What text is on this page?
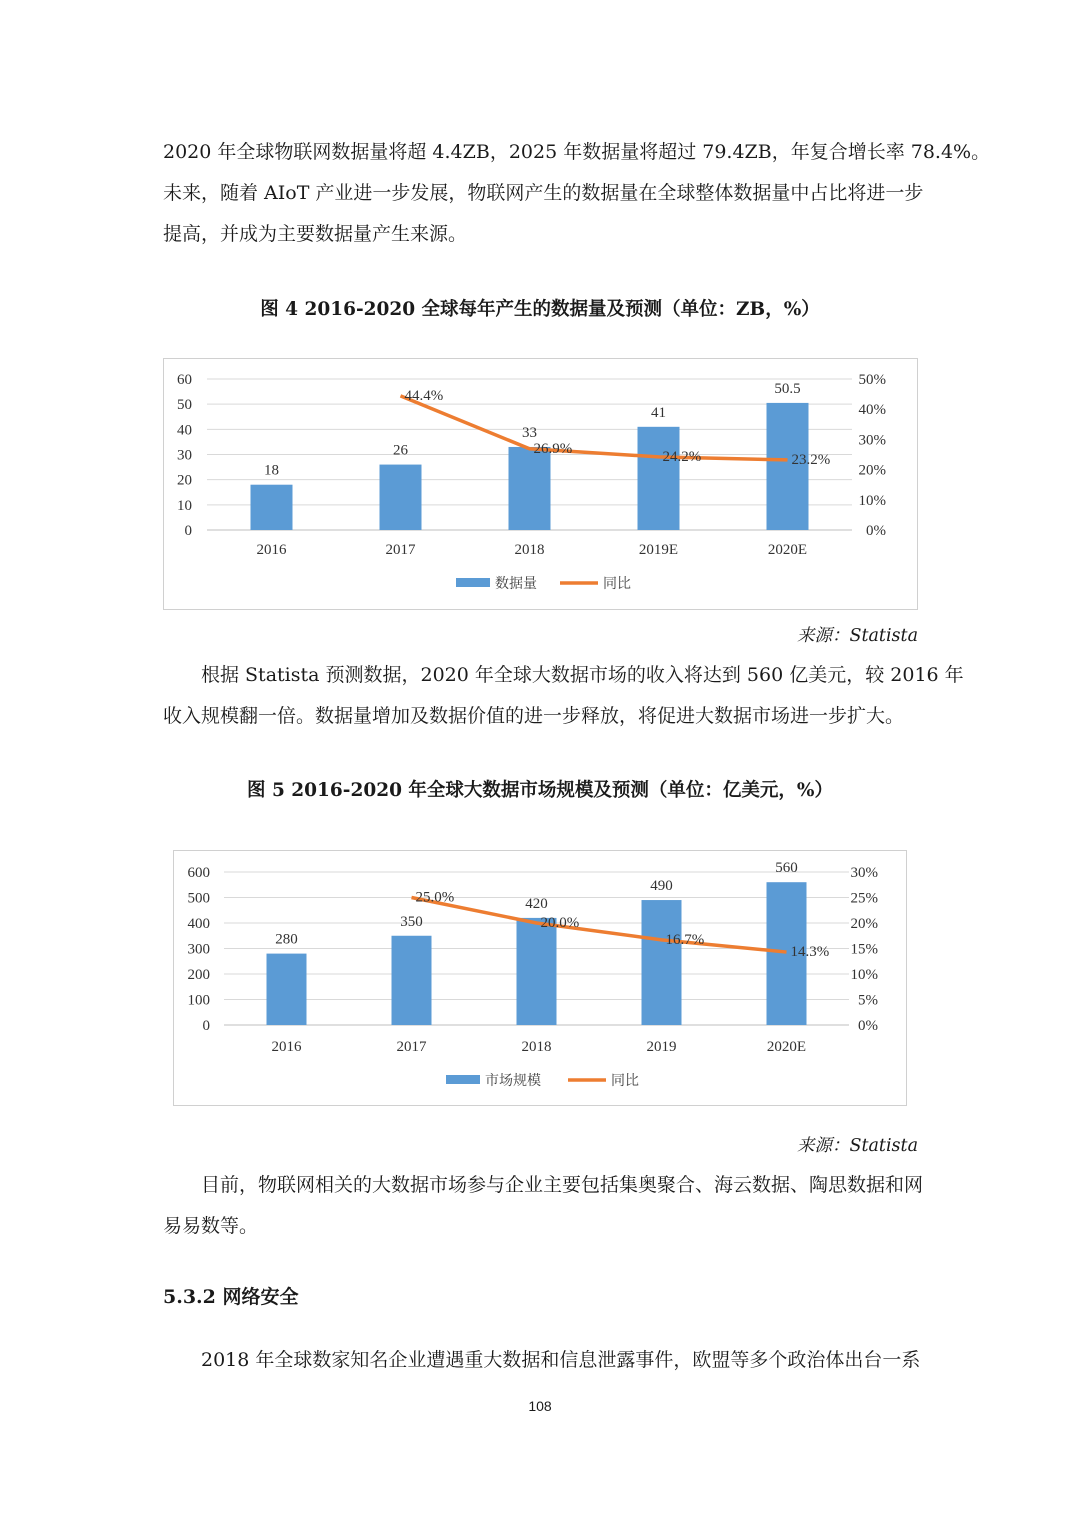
2020 年全球物联网数据量将超 4.4ZB，2025 年数据量将超过 79.4ZB，年复合增长率 78.4%。
未来，随着 AIoT 产业进一步发展，物联网产生的数据量在全球整体数据量中占比将进一步
提高，并成为主要数据量产生来源。

图 4 2016-2020 全球每年产生的数据量及预测（单位：ZB，%）

0
10
20
30
40
50
60
0%
10%
20%
30%
40%
50%
18
26
33
41
50.5
2016	2017	2018	2019E	2020E
44.4%
26.9%
24.2%	23.2%
数据量	同比

来源：Statista

根据 Statista 预测数据，2020 年全球大数据市场的收入将达到 560 亿美元，较 2016 年
收入规模翻一倍。数据量增加及数据价值的进一步释放，将促进大数据市场进一步扩大。

图 5 2016-2020 年全球大数据市场规模及预测（单位：亿美元，%）

0
100
200
300
400
500
600
0%
5%
10%
15%
20%
25%
30%
280
350
420
490
560
2016	2017	2018	2019	2020E
25.0%
20.0%
16.7%
14.3%
市场规模	同比

来源：Statista

目前，物联网相关的大数据市场参与企业主要包括集奥聚合、海云数据、陶思数据和网
易易数等。

5.3.2 网络安全

2018 年全球数家知名企业遭遇重大数据和信息泄露事件，欧盟等多个政治体出台一系
108
